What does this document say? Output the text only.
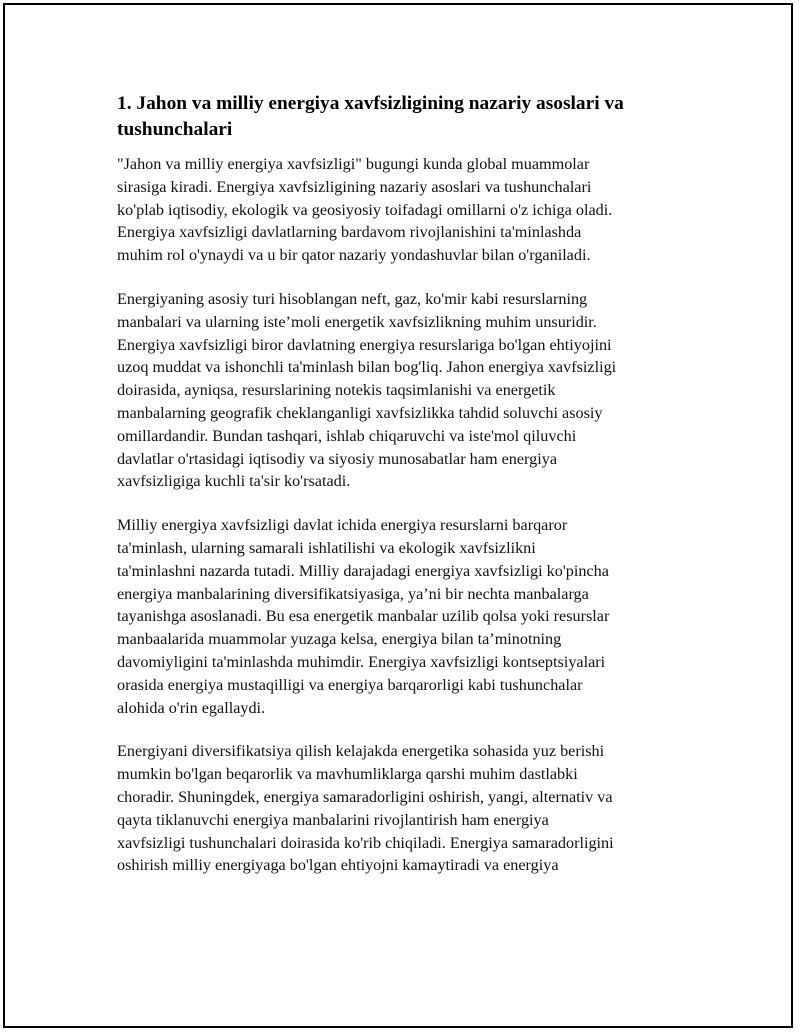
1. Jahon va milliy energiya xavfsizligining nazariy asoslari va
tushunchalari
"Jahon va milliy energiya xavfsizligi" bugungi kunda global muammolar
sirasiga kiradi. Energiya xavfsizligining nazariy asoslari va tushunchalari
ko'plab iqtisodiy, ekologik va geosiyosiy toifadagi omillarni o'z ichiga oladi.
Energiya xavfsizligi davlatlarning bardavom rivojlanishini ta'minlashda
muhim rol o'ynaydi va u bir qator nazariy yondashuvlar bilan o'rganiladi.
Energiyaning asosiy turi hisoblangan neft, gaz, ko'mir kabi resurslarning
manbalari va ularning iste’moli energetik xavfsizlikning muhim unsuridir.
Energiya xavfsizligi biror davlatning energiya resurslariga bo'lgan ehtiyojini
uzoq muddat va ishonchli ta'minlash bilan bog'liq. Jahon energiya xavfsizligi
doirasida, ayniqsa, resurslarining notekis taqsimlanishi va energetik
manbalarning geografik cheklanganligi xavfsizlikka tahdid soluvchi asosiy
omillardandir. Bundan tashqari, ishlab chiqaruvchi va iste'mol qiluvchi
davlatlar o'rtasidagi iqtisodiy va siyosiy munosabatlar ham energiya
xavfsizligiga kuchli ta'sir ko'rsatadi.
Milliy energiya xavfsizligi davlat ichida energiya resurslarni barqaror
ta'minlash, ularning samarali ishlatilishi va ekologik xavfsizlikni
ta'minlashni nazarda tutadi. Milliy darajadagi energiya xavfsizligi ko'pincha
energiya manbalarining diversifikatsiyasiga, ya’ni bir nechta manbalarga
tayanishga asoslanadi. Bu esa energetik manbalar uzilib qolsa yoki resurslar
manbaalarida muammolar yuzaga kelsa, energiya bilan ta’minotning
davomiyligini ta'minlashda muhimdir. Energiya xavfsizligi kontseptsiyalari
orasida energiya mustaqilligi va energiya barqarorligi kabi tushunchalar
alohida o'rin egallaydi.
Energiyani diversifikatsiya qilish kelajakda energetika sohasida yuz berishi
mumkin bo'lgan beqarorlik va mavhumliklarga qarshi muhim dastlabki
choradir. Shuningdek, energiya samaradorligini oshirish, yangi, alternativ va
qayta tiklanuvchi energiya manbalarini rivojlantirish ham energiya
xavfsizligi tushunchalari doirasida ko'rib chiqiladi. Energiya samaradorligini
oshirish milliy energiyaga bo'lgan ehtiyojni kamaytiradi va energiya
